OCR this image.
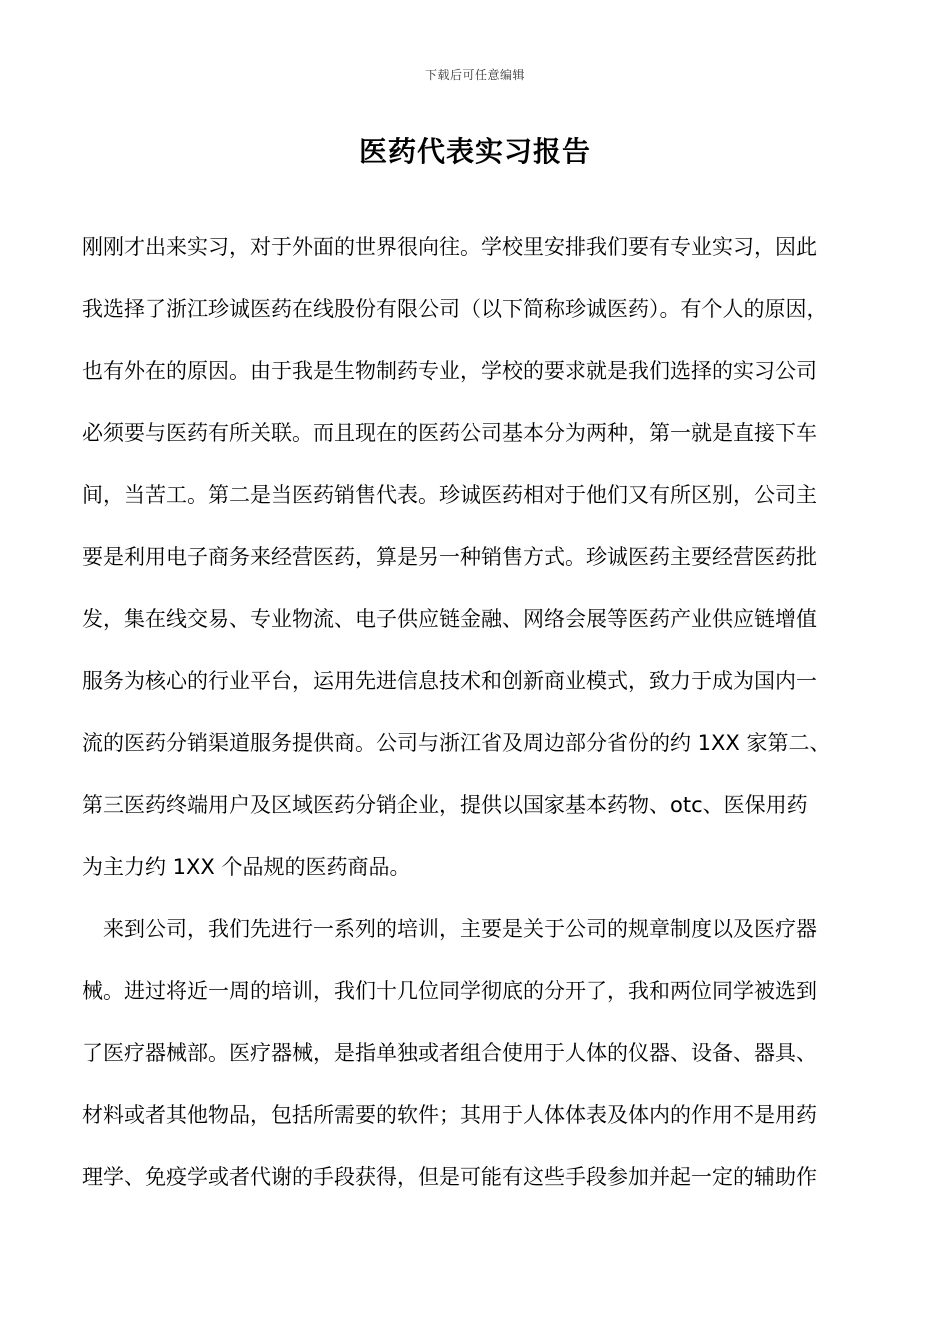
下载后可任意编辑
医药代表实习报告
刚刚才出来实习，对于外面的世界很向往。学校里安排我们要有专业实习，因此
我选择了浙江珍诚医药在线股份有限公司（以下简称珍诚医药）。有个人的原因，
也有外在的原因。由于我是生物制药专业，学校的要求就是我们选择的实习公司
必须要与医药有所关联。而且现在的医药公司基本分为两种，第一就是直接下车
间，当苦工。第二是当医药销售代表。珍诚医药相对于他们又有所区别，公司主
要是利用电子商务来经营医药，算是另一种销售方式。珍诚医药主要经营医药批
发，集在线交易、专业物流、电子供应链金融、网络会展等医药产业供应链增值
服务为核心的行业平台，运用先进信息技术和创新商业模式，致力于成为国内一
流的医药分销渠道服务提供商。公司与浙江省及周边部分省份的约 1XX 家第二、
第三医药终端用户及区域医药分销企业，提供以国家基本药物、otc、医保用药
为主力约 1XX 个品规的医药商品。
　来到公司，我们先进行一系列的培训，主要是关于公司的规章制度以及医疗器
械。进过将近一周的培训，我们十几位同学彻底的分开了，我和两位同学被选到
了医疗器械部。医疗器械，是指单独或者组合使用于人体的仪器、设备、器具、
材料或者其他物品，包括所需要的软件；其用于人体体表及体内的作用不是用药
理学、免疫学或者代谢的手段获得，但是可能有这些手段参加并起一定的辅助作
